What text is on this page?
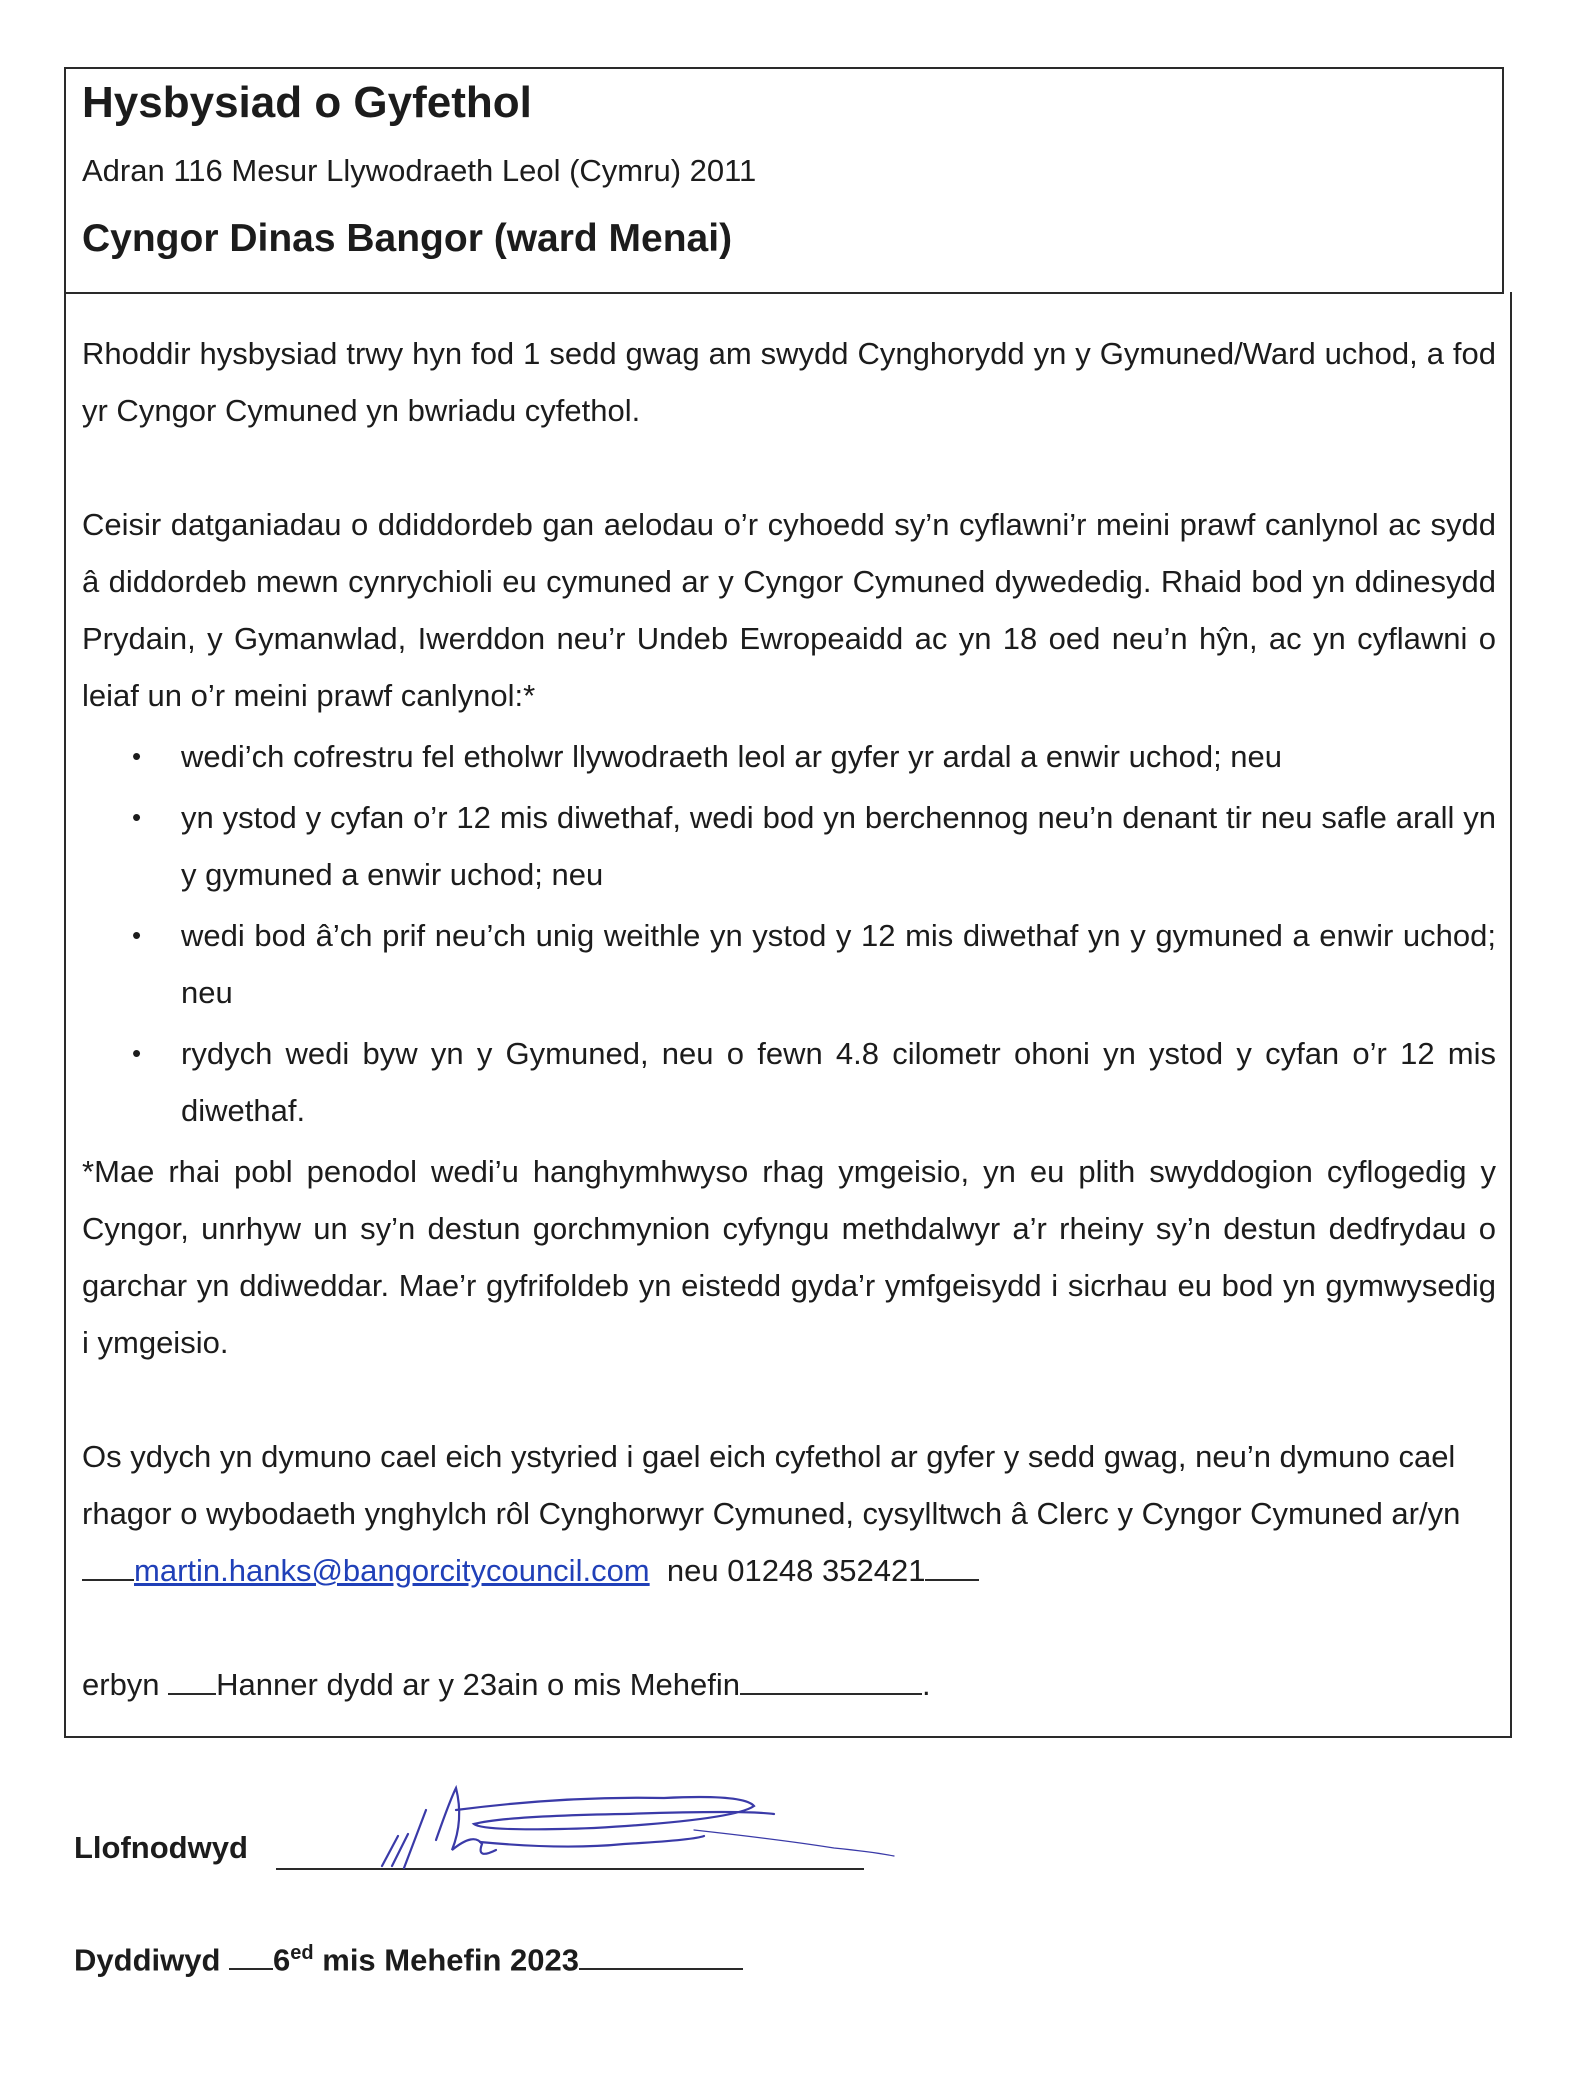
Hysbysiad o Gyfethol
Adran 116 Mesur Llywodraeth Leol (Cymru) 2011
Cyngor Dinas Bangor (ward Menai)

Rhoddir hysbysiad trwy hyn fod 1 sedd gwag am swydd Cynghorydd yn y Gymuned/Ward uchod, a fod yr Cyngor Cymuned yn bwriadu cyfethol.

Ceisir datganiadau o ddiddordeb gan aelodau o’r cyhoedd sy’n cyflawni’r meini prawf canlynol ac sydd â diddordeb mewn cynrychioli eu cymuned ar y Cyngor Cymuned dywededig. Rhaid bod yn ddinesydd Prydain, y Gymanwlad, Iwerddon neu’r Undeb Ewropeaidd ac yn 18 oed neu’n hŷn, ac yn cyflawni o leiaf un o’r meini prawf canlynol:*

• wedi’ch cofrestru fel etholwr llywodraeth leol ar gyfer yr ardal a enwir uchod; neu
• yn ystod y cyfan o’r 12 mis diwethaf, wedi bod yn berchennog neu’n denant tir neu safle arall yn y gymuned a enwir uchod; neu
• wedi bod â’ch prif neu’ch unig weithle yn ystod y 12 mis diwethaf yn y gymuned a enwir uchod; neu
• rydych wedi byw yn y Gymuned, neu o fewn 4.8 cilometr ohoni yn ystod y cyfan o’r 12 mis diwethaf.

*Mae rhai pobl penodol wedi’u hanghymhwyso rhag ymgeisio, yn eu plith swyddogion cyflogedig y Cyngor, unrhyw un sy’n destun gorchmynion cyfyngu methdalwyr a’r rheiny sy’n destun dedfrydau o garchar yn ddiweddar. Mae’r gyfrifoldeb yn eistedd gyda’r ymfgeisydd i sicrhau eu bod yn gymwysedig i ymgeisio.

Os ydych yn dymuno cael eich ystyried i gael eich cyfethol ar gyfer y sedd gwag, neu’n dymuno cael rhagor o wybodaeth ynghylch rôl Cynghorwyr Cymuned, cysylltwch â Clerc y Cyngor Cymuned ar/yn martin.hanks@bangorcitycouncil.com neu 01248 352421

erbyn Hanner dydd ar y 23ain o mis Mehefin	.

Llofnodwyd
Dyddiwyd $6^{ed}$ mis Mehefin 2023
